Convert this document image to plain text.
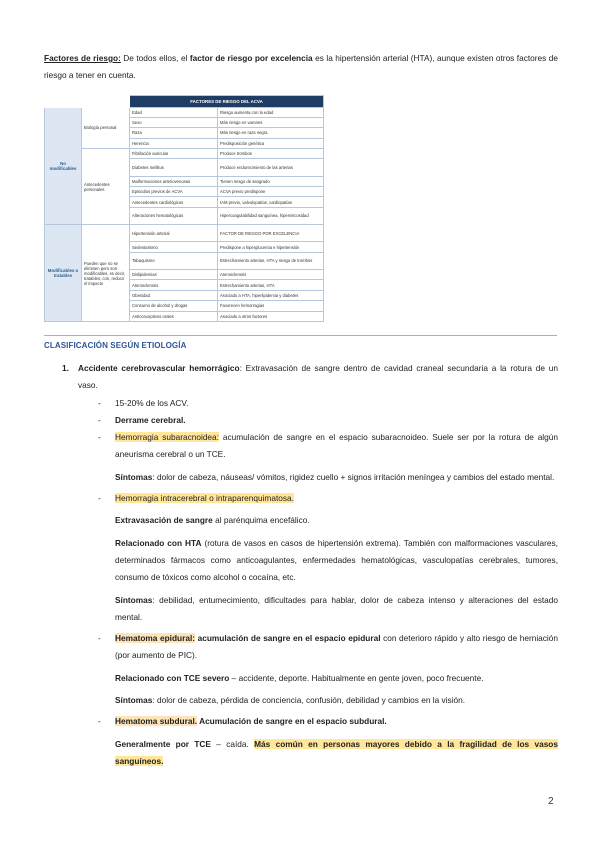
Factores de riesgo: De todos ellos, el factor de riesgo por excelencia es la hipertensión arterial (HTA), aunque existen otros factores de riesgo a tener en cuenta.
		FACTORES DE RIESGO DEL ACVA	
No modificables	Biología personal	Edad	Riesgo aumenta con la edad
		Sexo	Más riesgo en varones
		Raza	Más riesgo en raza negra
		Herencia	Predisposición genética
	Antecedentes personales	Fibrilación auricular	Produce trombos
		Diabetes mellitus	Produce endurecimiento de las arterias
		Malformaciones arteriovenosas	Tienen riesgo de sangrado
		Episodios previos de ACVA	ACVA previo predispone
		Antecedentes cardiológicos	IAM previo, valvulopatías, cardiopatías
		Alteraciones hematológicas	Hipercoagulabilidad sanguínea, hiperviscosidad
Modificables o tratables	Pueden que no se eliminen pero son modificables, es decir, tratables, con, reducir el impacto	Hipertensión arterial	FACTOR DE RIESGO POR EXCELENCIA
		Sedentarismo	Predispone a hiperglucemia e hipertensión
		Tabaquismo	Estrechamiento arterias, HTA y riesgo de trombos
		Dislipidemias	Aterosclerosis
		Aterosclerosis	Estrechamiento arterias, HTA
		Obesidad	Asociado a HTA, hiperlipidemia y diabetes
		Consumo de alcohol y drogas	Favorecen hemorragias
		Anticonceptivos orales	Asociado a otros factores
CLASIFICACIÓN SEGÚN ETIOLOGÍA
1. Accidente cerebrovascular hemorrágico: Extravasación de sangre dentro de cavidad craneal secundaria a la rotura de un vaso.
- 15-20% de los ACV.
- Derrame cerebral.
- Hemorragia subaracnoidea: acumulación de sangre en el espacio subaracnoideo. Suele ser por la rotura de algún aneurisma cerebral o un TCE.
Síntomas: dolor de cabeza, náuseas/ vómitos, rigidez cuello + signos irritación meníngea y cambios del estado mental.
- Hemorragia intracerebral o intraparenquimatosa.
Extravasación de sangre al parénquima encefálico.
Relacionado con HTA (rotura de vasos en casos de hipertensión extrema). También con malformaciones vasculares, determinados fármacos como anticoagulantes, enfermedades hematológicas, vasculopatías cerebrales, tumores, consumo de tóxicos como alcohol o cocaína, etc.
Síntomas: debilidad, entumecimiento, dificultades para hablar, dolor de cabeza intenso y alteraciones del estado mental.
- Hematoma epidural: acumulación de sangre en el espacio epidural con deterioro rápido y alto riesgo de herniación (por aumento de PIC).
Relacionado con TCE severo – accidente, deporte. Habitualmente en gente joven, poco frecuente.
Síntomas: dolor de cabeza, pérdida de conciencia, confusión, debilidad y cambios en la visión.
- Hematoma subdural. Acumulación de sangre en el espacio subdural.
Generalmente por TCE – caída. Más común en personas mayores debido a la fragilidad de los vasos sanguíneos.
2
